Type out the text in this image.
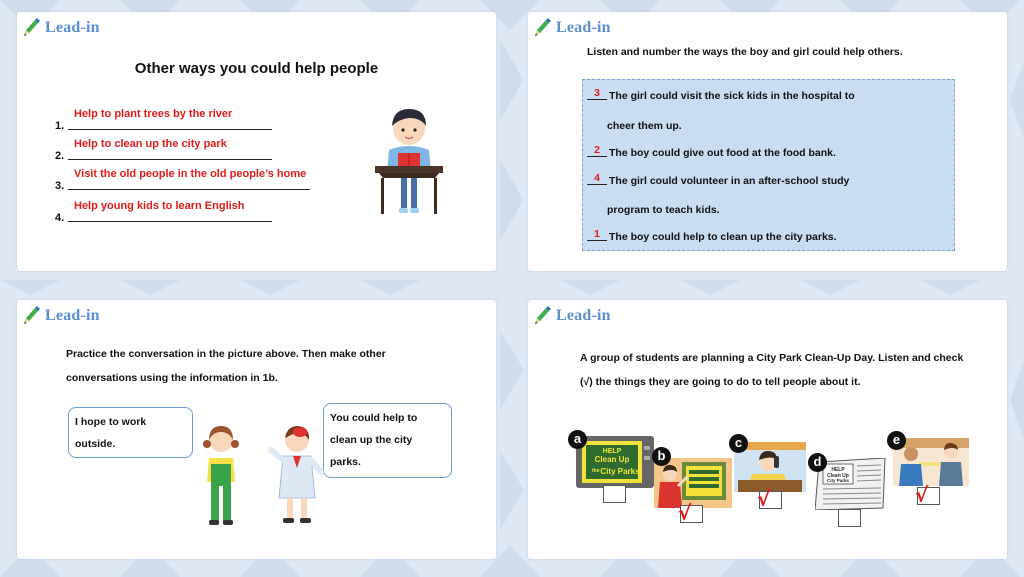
Lead-in
Other ways you could help people
1.
Help to plant trees by the river
2.
Help to clean up the city park
3.
Visit the old people in the old people’s home
4.
Help young kids to learn English
Lead-in
Listen and number the ways the boy and girl could help others.
3 The girl could visit the sick kids in the hospital to
cheer them up.
2 The boy could give out food at the food bank.
4 The girl could volunteer in an after-school study
program to teach kids.
1 The boy could help to clean up the city parks.
Lead-in
Practice the conversation in the picture above. Then make other
conversations using the information in 1b.
I hope to work
outside.
You could help to
clean up the city
parks.
Lead-in
A group of students are planning a City Park Clean-Up Day. Listen and check
(√) the things they are going to do to tell people about it.
HELP
Clean Up
the City Parks
a
b
√
c
√
HELP
Clean Up
City Parks
d
e
√
